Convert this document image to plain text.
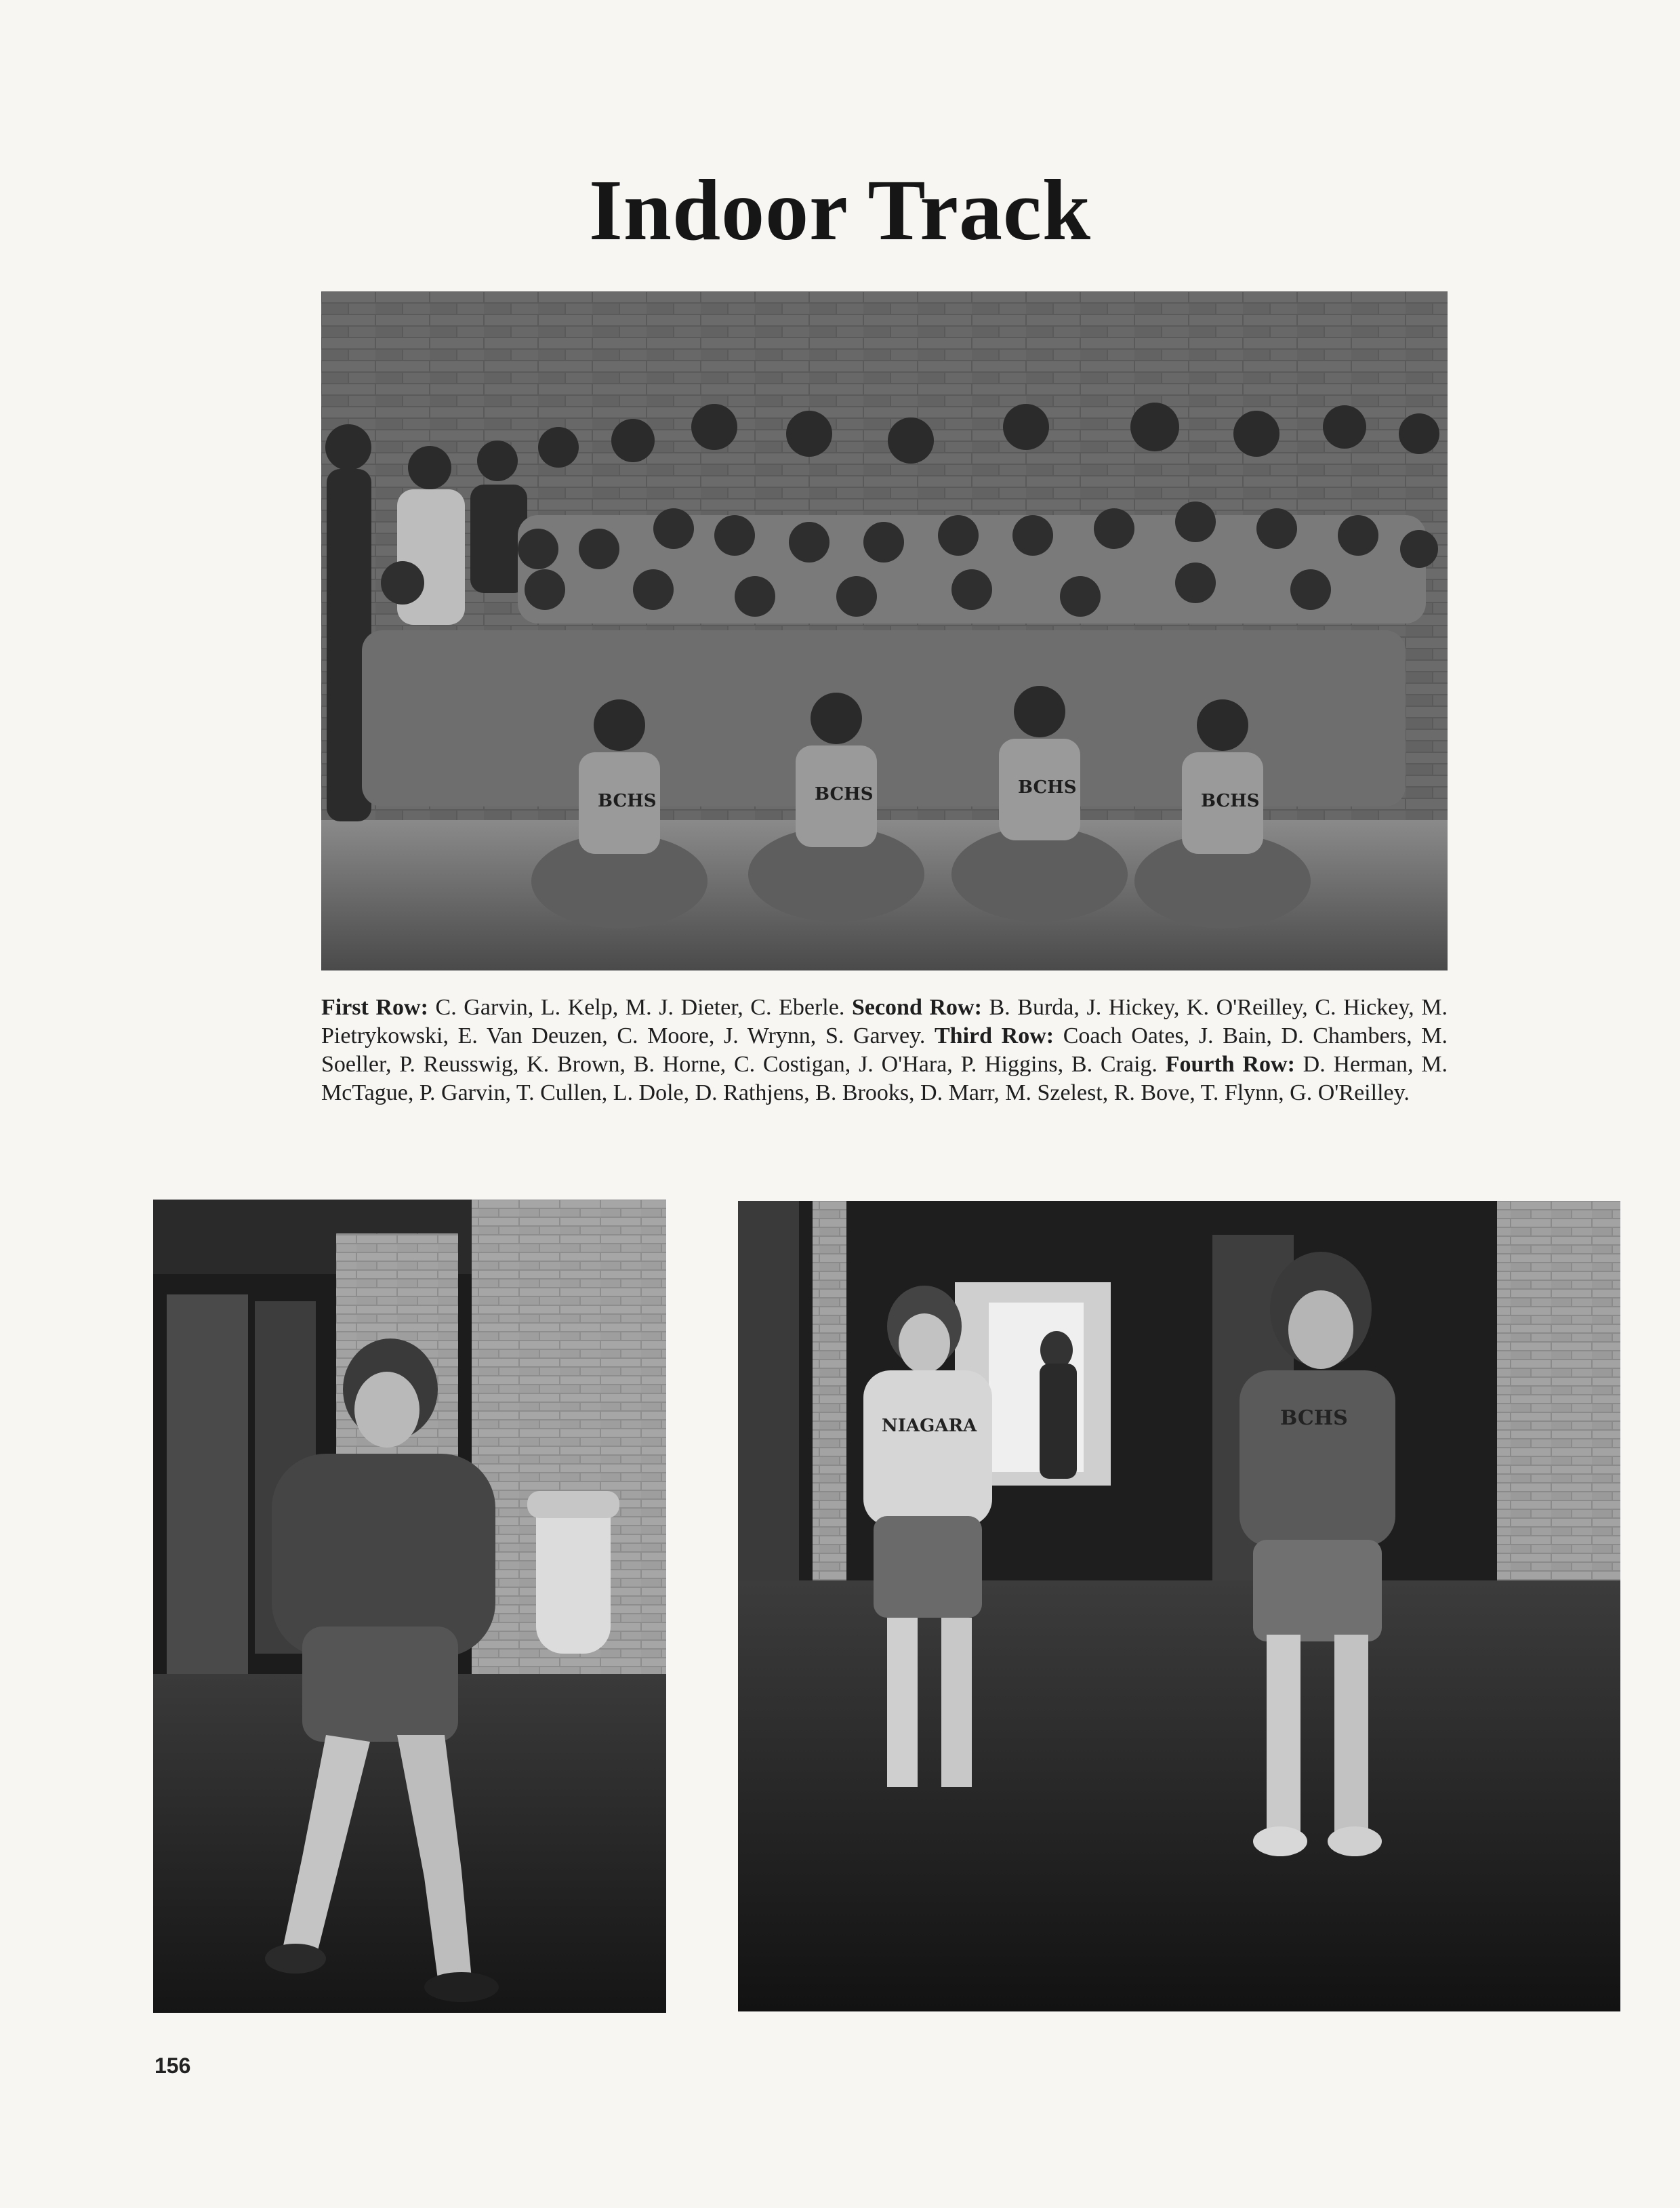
Indoor Track
BCHS	BCHS	BCHS
BCHS
First Row: C. Garvin, L. Kelp, M. J. Dieter, C. Eberle. Second Row: B. Burda, J. Hickey, K. O'Reilley, C. Hickey, M. Pietrykowski, E. Van Deuzen, C. Moore, J. Wrynn, S. Garvey. Third Row: Coach Oates, J. Bain, D. Chambers, M. Soeller, P. Reusswig, K. Brown, B. Horne, C. Costigan, J. O'Hara, P. Higgins, B. Craig. Fourth Row: D. Herman, M. McTague, P. Garvin, T. Cullen, L. Dole, D. Rathjens, B. Brooks, D. Marr, M. Szelest, R. Bove, T. Flynn, G. O'Reilley.
NIAGARA	BCHS
156
